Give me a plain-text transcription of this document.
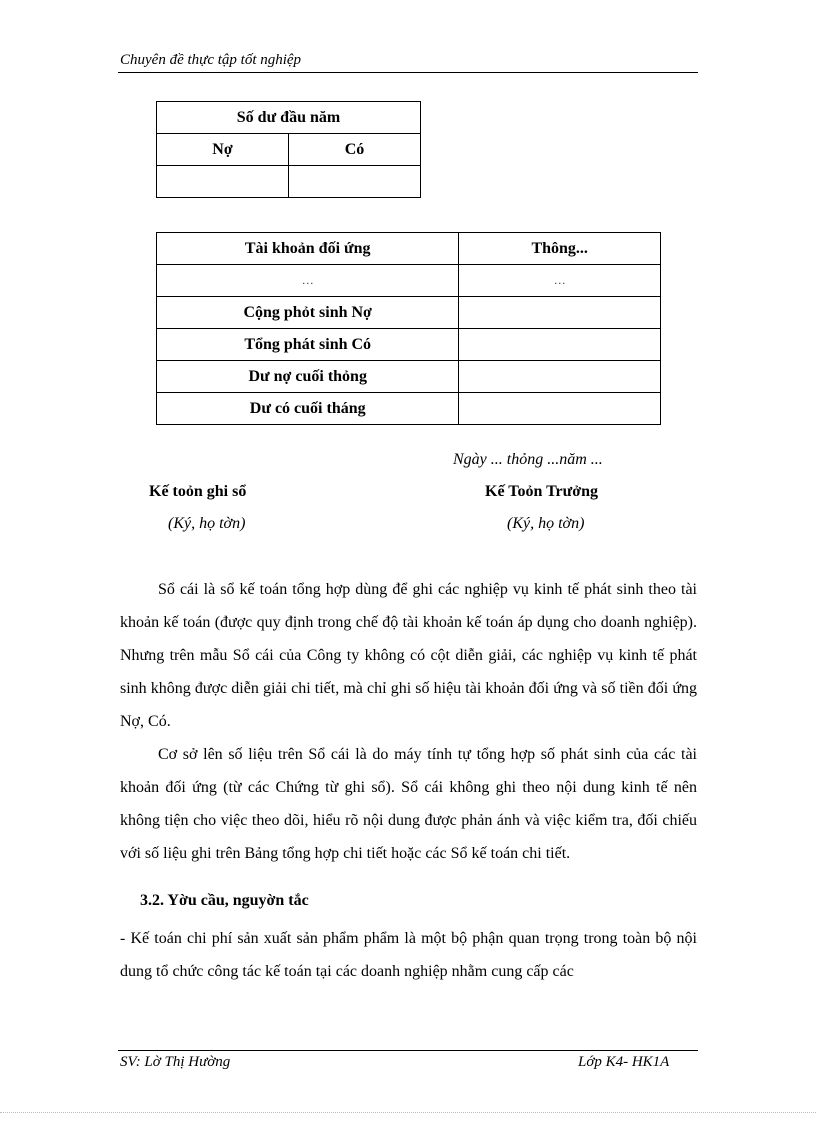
Chuyên đề thực tập tốt nghiệp
Số dư đầu năm	
Nợ	Có

Tài khoản đối ứng	Thông...
…	…
Cộng phỏt sinh Nợ	
Tổng phát sinh Có	
Dư nợ cuối thỏng	
Dư có cuối tháng	
Ngày ... thỏng ...năm ...
Kế toỏn ghi sổ
(Ký, họ tờn)
Kế Toỏn Trưởng
(Ký, họ tờn)

Sổ cái là sổ kế toán tổng hợp dùng để ghi các nghiệp vụ kinh tế phát sinh theo tài khoản kế toán (được quy định trong chế độ tài khoản kế toán áp dụng cho doanh nghiệp). Nhưng trên mẫu Sổ cái của Công ty không có cột diễn giải, các nghiệp vụ kinh tế phát sinh không được diễn giải chi tiết, mà chỉ ghi số hiệu tài khoản đối ứng và số tiền đối ứng Nợ, Có.

Cơ sở lên số liệu trên Sổ cái là do máy tính tự tổng hợp số phát sinh của các tài khoản đối ứng (từ các Chứng từ ghi sổ). Sổ cái không ghi theo nội dung kinh tế nên không tiện cho việc theo dõi, hiểu rõ nội dung được phản ánh và việc kiểm tra, đối chiếu với số liệu ghi trên Bảng tổng hợp chi tiết hoặc các Sổ kế toán chi tiết.

3.2. Yờu cầu, nguyờn tắc

- Kế toán chi phí sản xuất sản phẩm phẩm là một bộ phận quan trọng trong toàn bộ nội dung tổ chức công tác kế toán tại các doanh nghiệp nhằm cung cấp các

SV: Lờ Thị Hường	Lớp K4- HK1A
